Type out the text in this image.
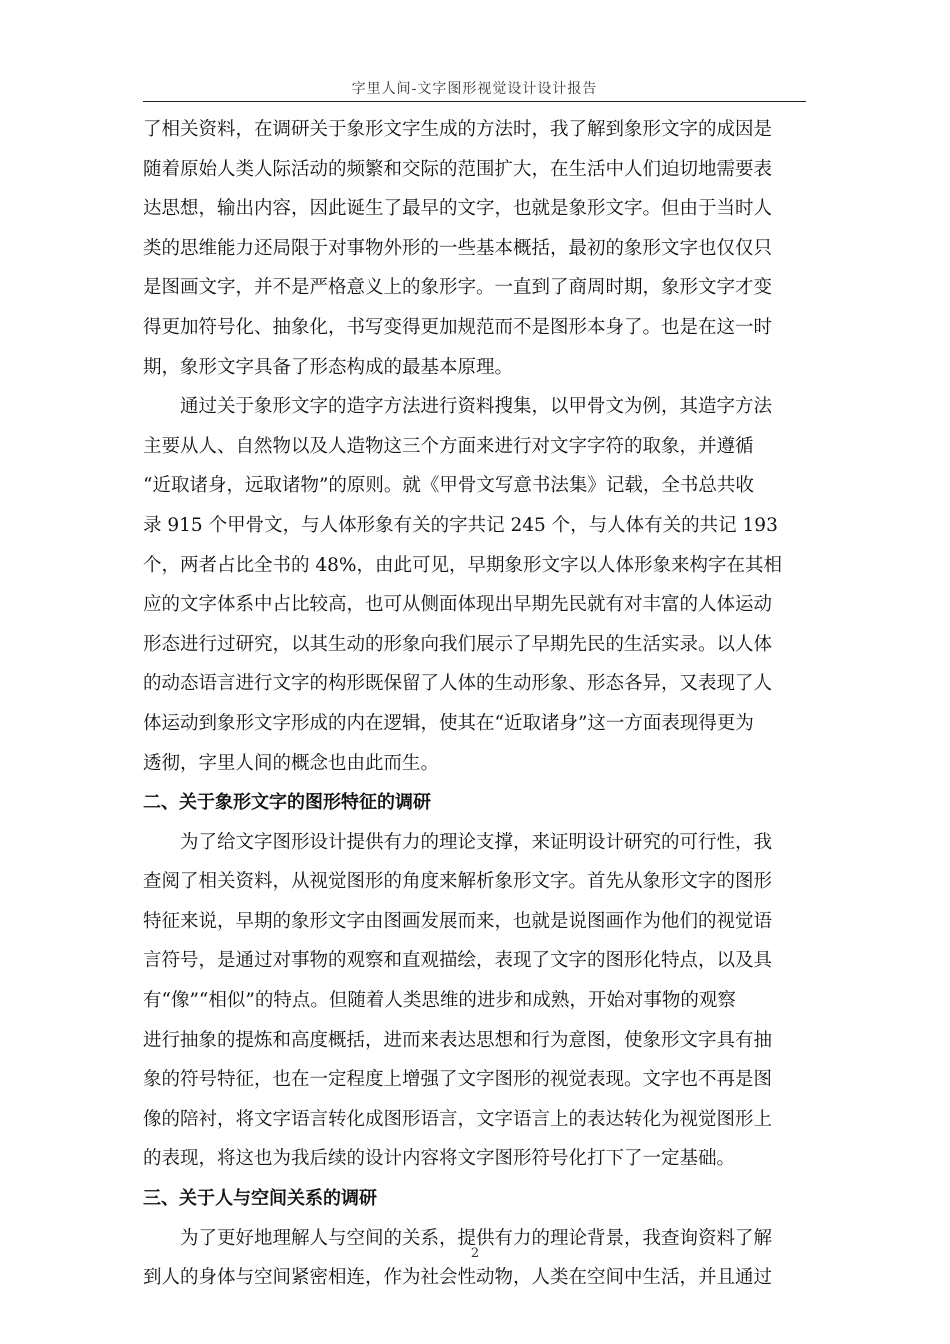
字里人间-文字图形视觉设计设计报告
了相关资料，在调研关于象形文字生成的方法时，我了解到象形文字的成因是
随着原始人类人际活动的频繁和交际的范围扩大，在生活中人们迫切地需要表
达思想，输出内容，因此诞生了最早的文字，也就是象形文字。但由于当时人
类的思维能力还局限于对事物外形的一些基本概括，最初的象形文字也仅仅只
是图画文字，并不是严格意义上的象形字。一直到了商周时期，象形文字才变
得更加符号化、抽象化，书写变得更加规范而不是图形本身了。也是在这一时
期，象形文字具备了形态构成的最基本原理。
通过关于象形文字的造字方法进行资料搜集，以甲骨文为例，其造字方法
主要从人、自然物以及人造物这三个方面来进行对文字字符的取象，并遵循
“近取诸身，远取诸物”的原则。就《甲骨文写意书法集》记载，全书总共收
录 915 个甲骨文，与人体形象有关的字共记 245 个，与人体有关的共记 193
个，两者占比全书的 48%，由此可见，早期象形文字以人体形象来构字在其相
应的文字体系中占比较高，也可从侧面体现出早期先民就有对丰富的人体运动
形态进行过研究，以其生动的形象向我们展示了早期先民的生活实录。以人体
的动态语言进行文字的构形既保留了人体的生动形象、形态各异，又表现了人
体运动到象形文字形成的内在逻辑，使其在“近取诸身”这一方面表现得更为
透彻，字里人间的概念也由此而生。
二、关于象形文字的图形特征的调研
为了给文字图形设计提供有力的理论支撑，来证明设计研究的可行性，我
查阅了相关资料，从视觉图形的角度来解析象形文字。首先从象形文字的图形
特征来说，早期的象形文字由图画发展而来，也就是说图画作为他们的视觉语
言符号，是通过对事物的观察和直观描绘，表现了文字的图形化特点，以及具
有“像”“相似”的特点。但随着人类思维的进步和成熟，开始对事物的观察
进行抽象的提炼和高度概括，进而来表达思想和行为意图，使象形文字具有抽
象的符号特征，也在一定程度上增强了文字图形的视觉表现。文字也不再是图
像的陪衬，将文字语言转化成图形语言，文字语言上的表达转化为视觉图形上
的表现，将这也为我后续的设计内容将文字图形符号化打下了一定基础。
三、关于人与空间关系的调研
为了更好地理解人与空间的关系，提供有力的理论背景，我查询资料了解
到人的身体与空间紧密相连，作为社会性动物，人类在空间中生活，并且通过
2
